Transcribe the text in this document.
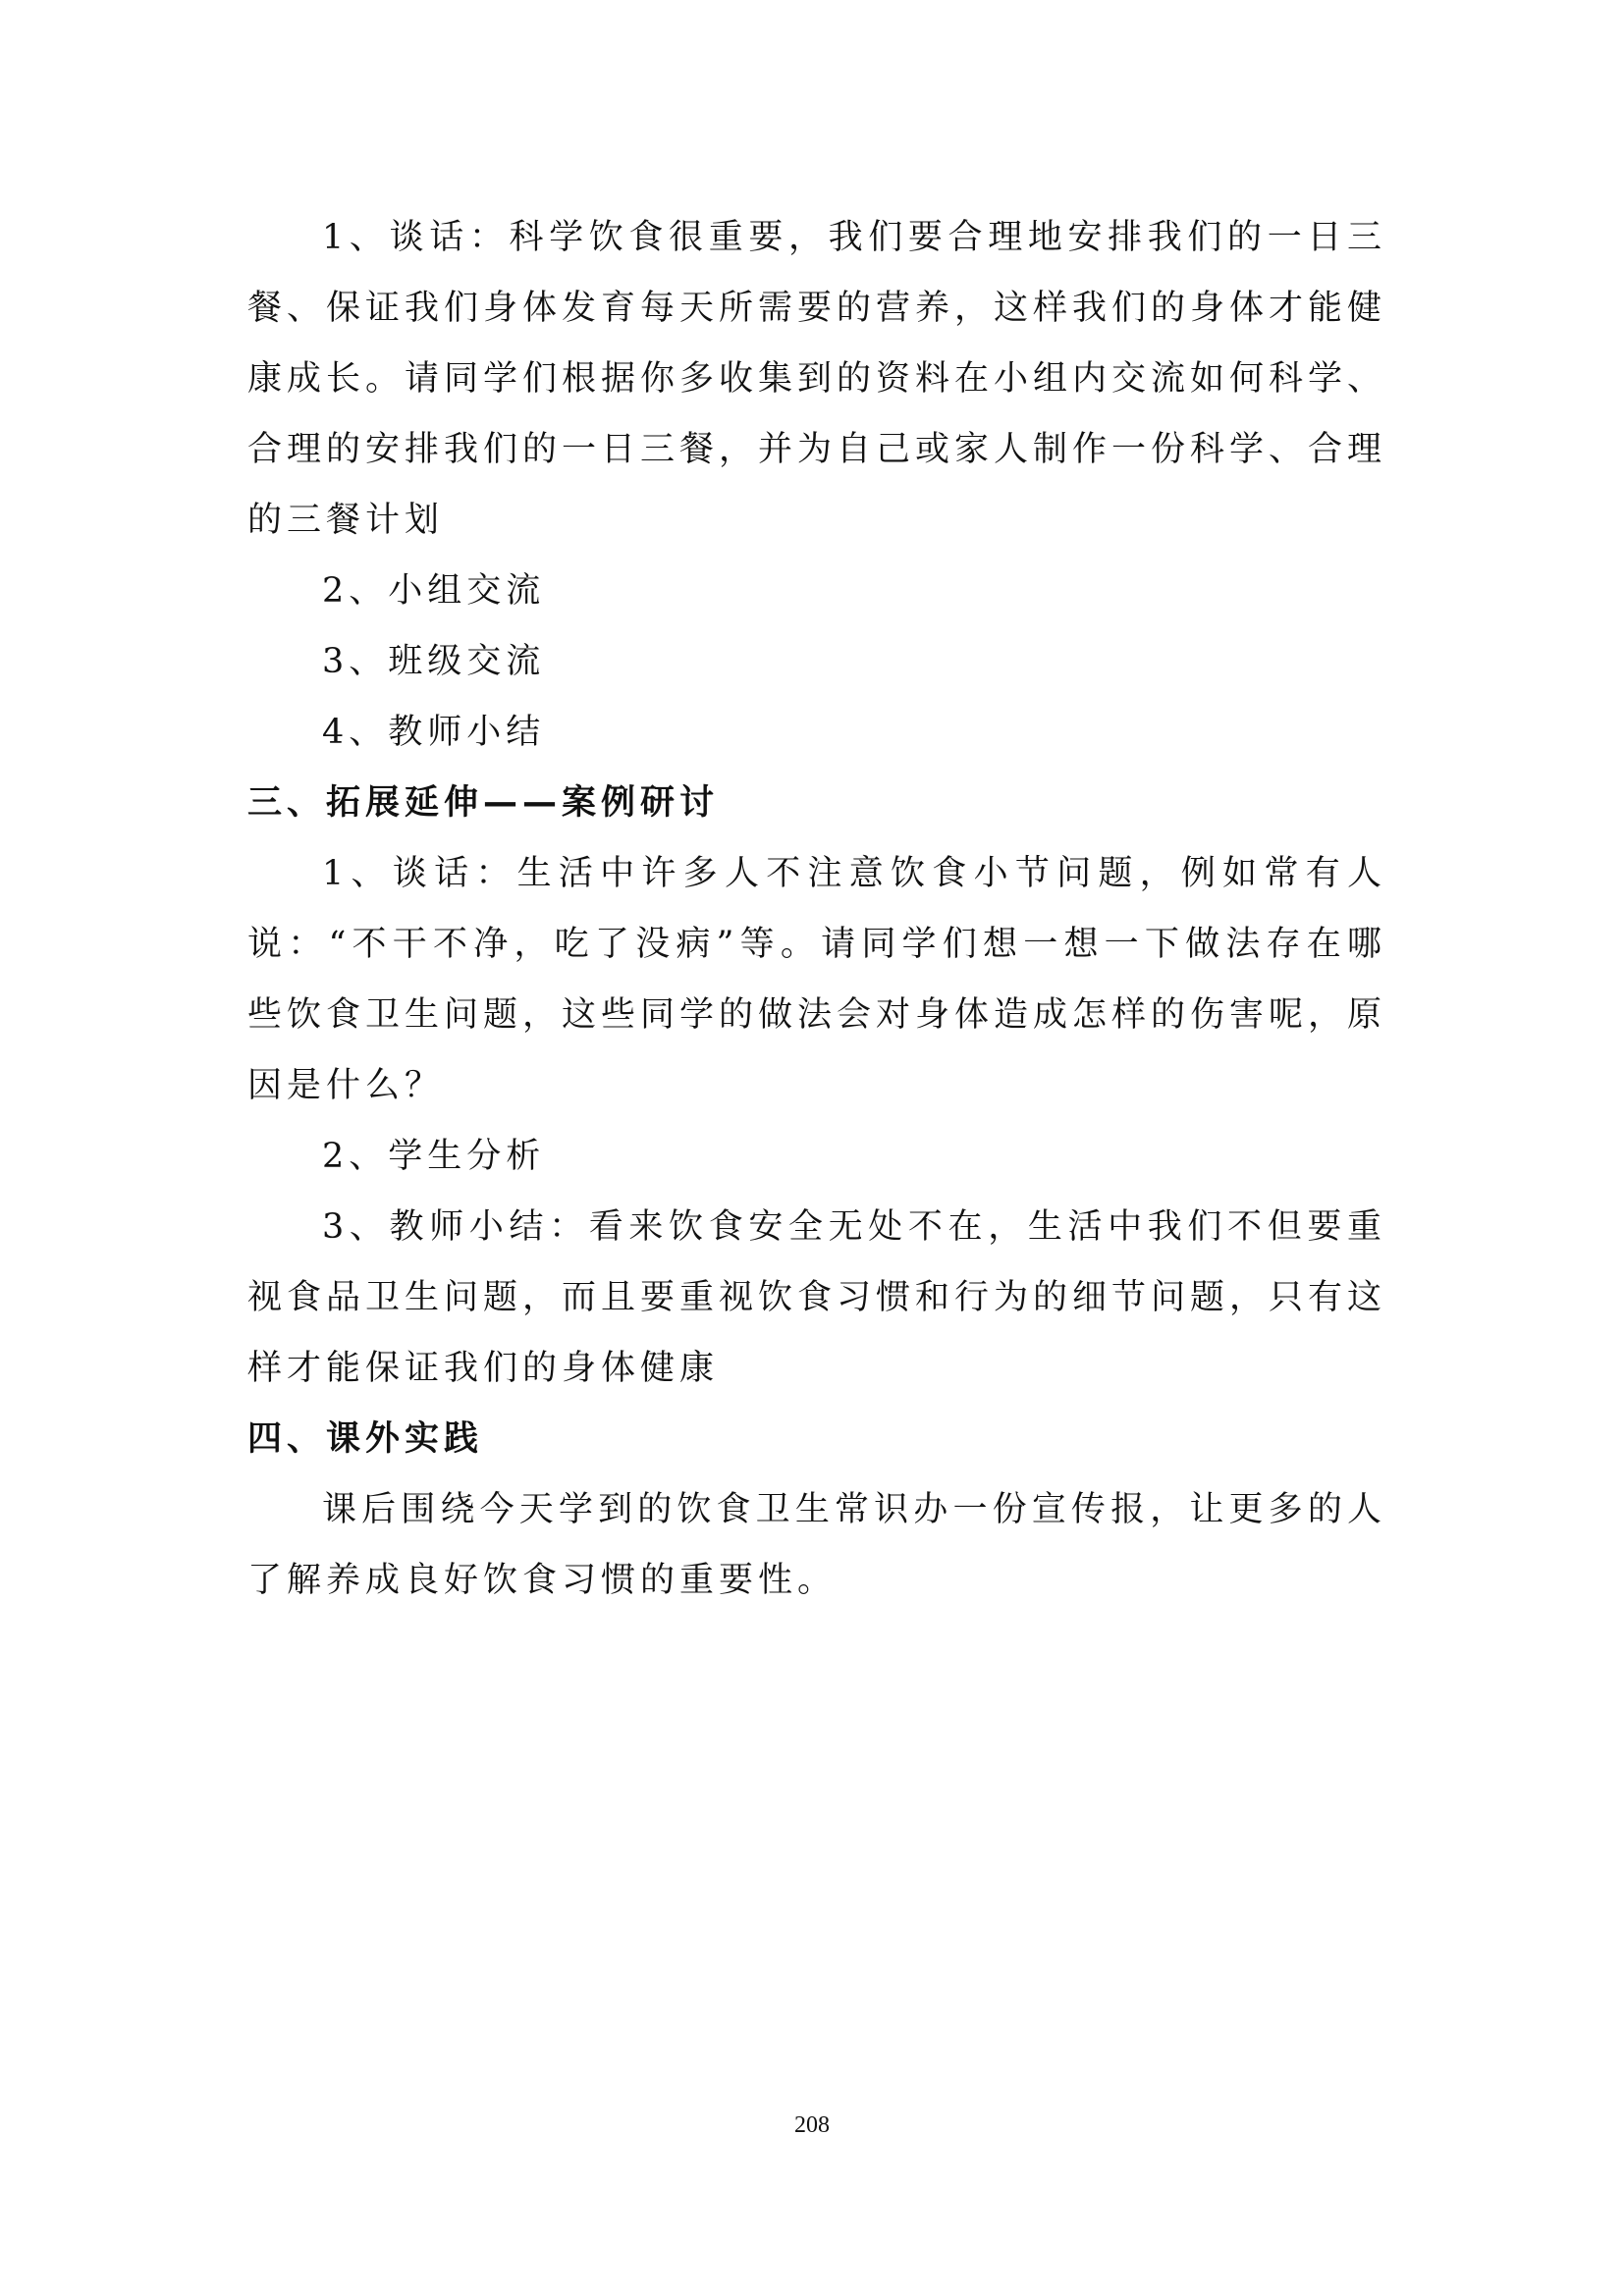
1、谈话：科学饮食很重要，我们要合理地安排我们的一日三餐、保证我们身体发育每天所需要的营养，这样我们的身体才能健康成长。请同学们根据你多收集到的资料在小组内交流如何科学、合理的安排我们的一日三餐，并为自己或家人制作一份科学、合理的三餐计划

2、小组交流

3、班级交流

4、教师小结

三、拓展延伸——案例研讨

1、谈话：生活中许多人不注意饮食小节问题，例如常有人说：“不干不净，吃了没病”等。请同学们想一想一下做法存在哪些饮食卫生问题，这些同学的做法会对身体造成怎样的伤害呢，原因是什么？

2、学生分析

3、教师小结：看来饮食安全无处不在，生活中我们不但要重视食品卫生问题，而且要重视饮食习惯和行为的细节问题，只有这样才能保证我们的身体健康

四、课外实践

课后围绕今天学到的饮食卫生常识办一份宣传报，让更多的人了解养成良好饮食习惯的重要性。

208
